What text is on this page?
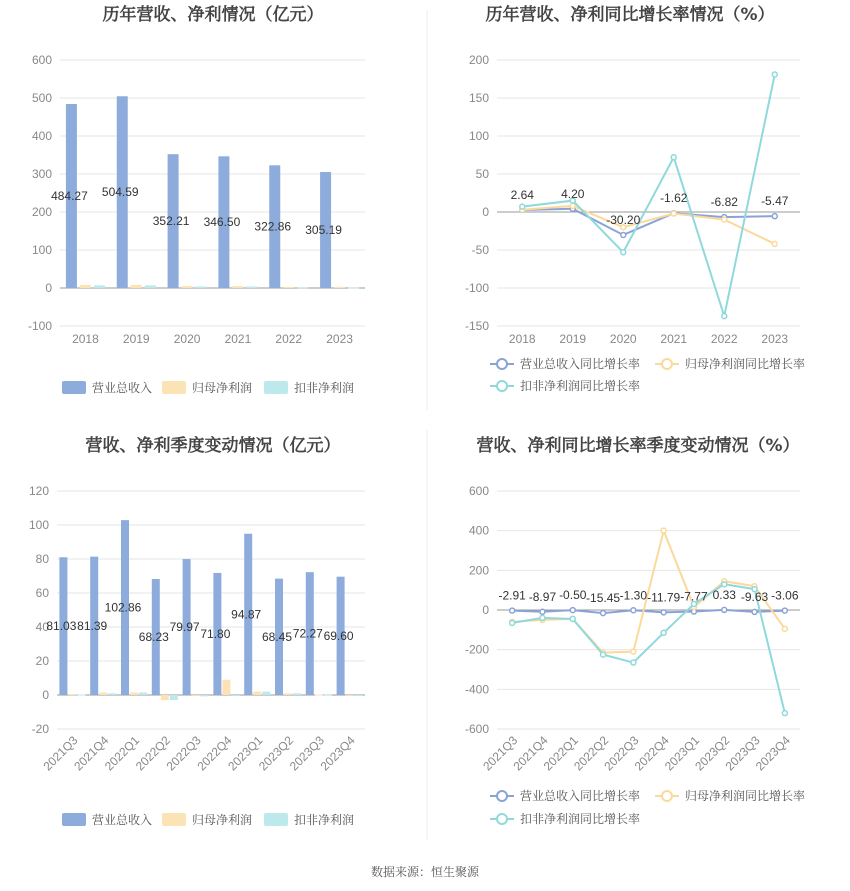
数据来源：恒生聚源
历年营收、净利情况（亿元）
-100
0
100
200
300
400
500
600
2018 2019 2020 2021 2022 2023
484.27 504.59
352.21 346.50 322.86 305.19
营业总收入	归母净利润	扣非净利润
历年营收、净利同比增长率情况（%）
-150
-100
-50
0
50
100
150
200
2018 2019 2020 2021 2022 2023
2.64 4.20
-30.20
-1.62 -6.82 -5.47
营业总收入同比增长率	归母净利润同比增长率
扣非净利润同比增长率
营收、净利季度变动情况（亿元）
-20
0
20
40
60
80
100
120
2021Q3
2021Q4
2022Q1
2022Q2
2022Q3
2022Q4
2023Q1
2023Q2
2023Q3
2023Q4
81.03 81.39
102.86
68.23
79.97 71.80
94.87
68.45 72.27 69.60
营业总收入	归母净利润	扣非净利润
营收、净利同比增长率季度变动情况（%）
-600
-400
-200
0
200
400
600
2021Q3
2021Q4
2022Q1
2022Q2
2022Q3
2022Q4
2023Q1
2023Q2
2023Q3
2023Q4
-2.91 -8.97 -0.50 -15.45 -1.30 -11.79 -7.77 0.33 -9.63 -3.06
营业总收入同比增长率	归母净利润同比增长率
扣非净利润同比增长率
